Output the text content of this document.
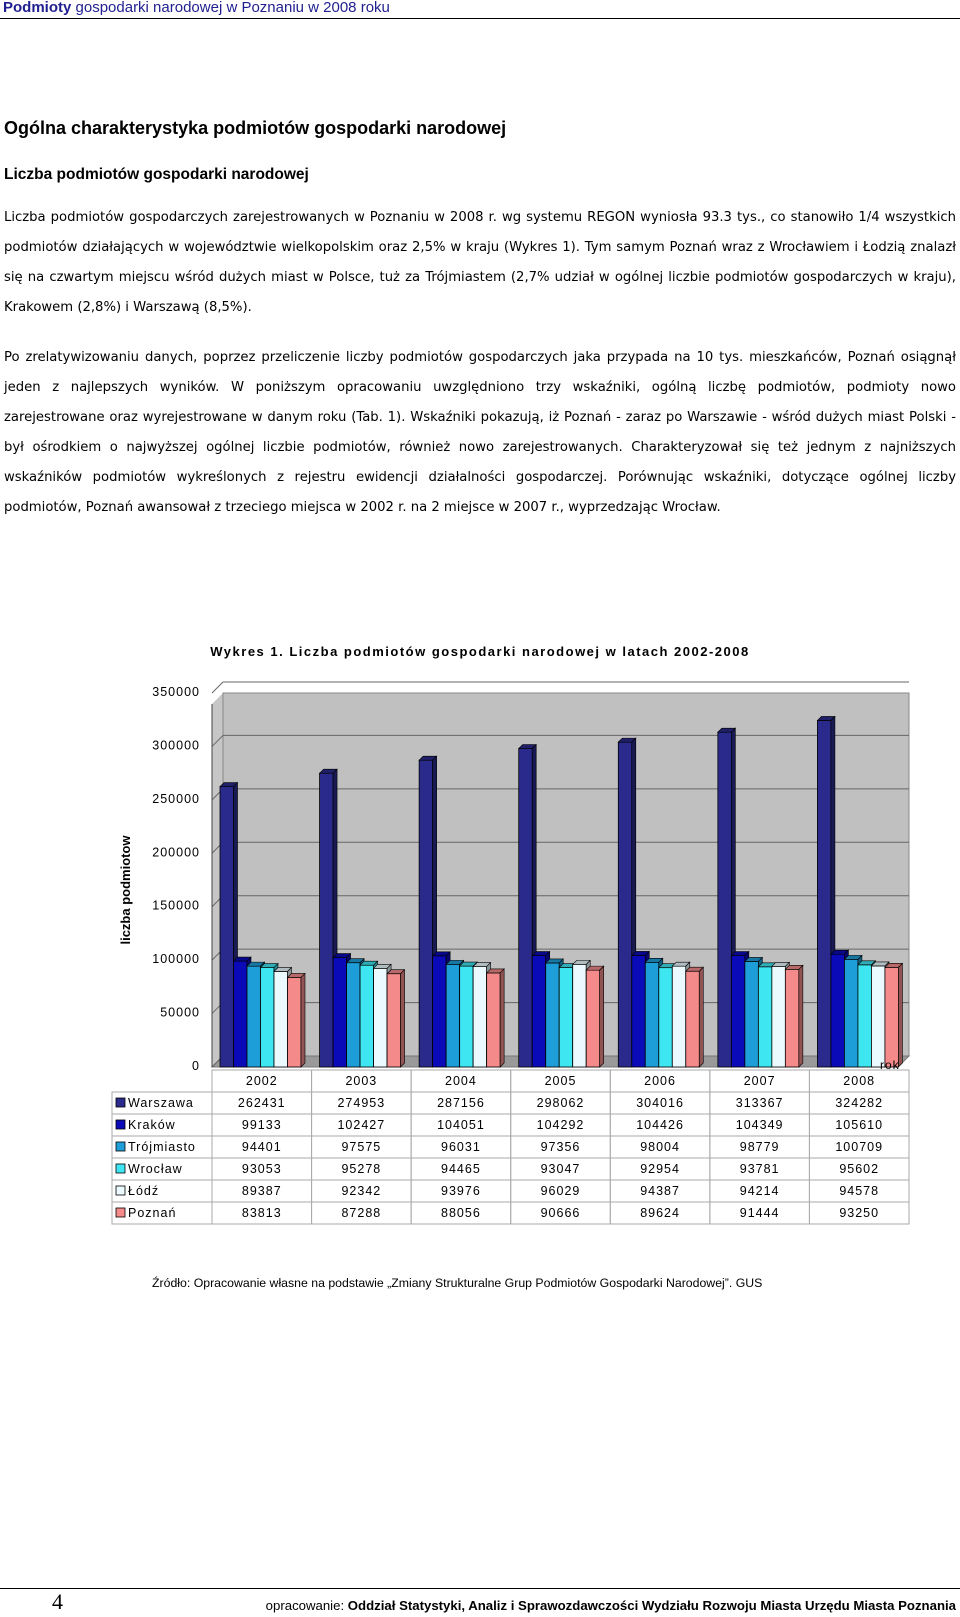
Podmioty gospodarki narodowej w Poznaniu w 2008 roku
Ogólna charakterystyka podmiotów gospodarki narodowej
Liczba podmiotów gospodarki narodowej
Liczba podmiotów gospodarczych zarejestrowanych w Poznaniu w 2008 r. wg systemu REGON wyniosła 93.3 tys., co stanowiło 1/4 wszystkich podmiotów działających w województwie wielkopolskim oraz 2,5% w kraju (Wykres 1). Tym samym Poznań wraz z Wrocławiem i Łodzią znalazł się na czwartym miejscu wśród dużych miast w Polsce, tuż za Trójmiastem (2,7% udział w ogólnej liczbie podmiotów gospodarczych w kraju), Krakowem (2,8%) i Warszawą (8,5%).
Po zrelatywizowaniu danych, poprzez przeliczenie liczby podmiotów gospodarczych jaka przypada na 10 tys. mieszkańców, Poznań osiągnął jeden z najlepszych wyników. W poniższym opracowaniu uwzględniono trzy wskaźniki, ogólną liczbę podmiotów, podmioty nowo zarejestrowane oraz wyrejestrowane w danym roku (Tab. 1). Wskaźniki pokazują, iż Poznań - zaraz po Warszawie - wśród dużych miast Polski - był ośrodkiem o najwyższej ogólnej liczbie podmiotów, również nowo zarejestrowanych. Charakteryzował się też jednym z najniższych wskaźników podmiotów wykreślonych z rejestru ewidencji działalności gospodarczej. Porównując wskaźniki, dotyczące ogólnej liczby podmiotów, Poznań awansował z trzeciego miejsca w 2002 r. na 2 miejsce w 2007 r., wyprzedzając Wrocław.
Wykres 1. Liczba podmiotów gospodarki narodowej w latach 2002-2008
350000
300000
250000
200000
150000
100000
50000
0
liczba podmiotow
2002	2003	2004	2005	2006	2007	2008
rok
Warszawa	262431	274953	287156	298062	304016	313367	324282
Kraków	99133	102427	104051	104292	104426	104349	105610
Trójmiasto	94401	97575	96031	97356	98004	98779	100709
Wrocław	93053	95278	94465	93047	92954	93781	95602
Łódź	89387	92342	93976	96029	94387	94214	94578
Poznań	83813	87288	88056	90666	89624	91444	93250
Źródło: Opracowanie własne na podstawie „Zmiany Strukturalne Grup Podmiotów Gospodarki Narodowej”. GUS
4	opracowanie: Oddział Statystyki, Analiz i Sprawozdawczości Wydziału Rozwoju Miasta Urzędu Miasta Poznania
